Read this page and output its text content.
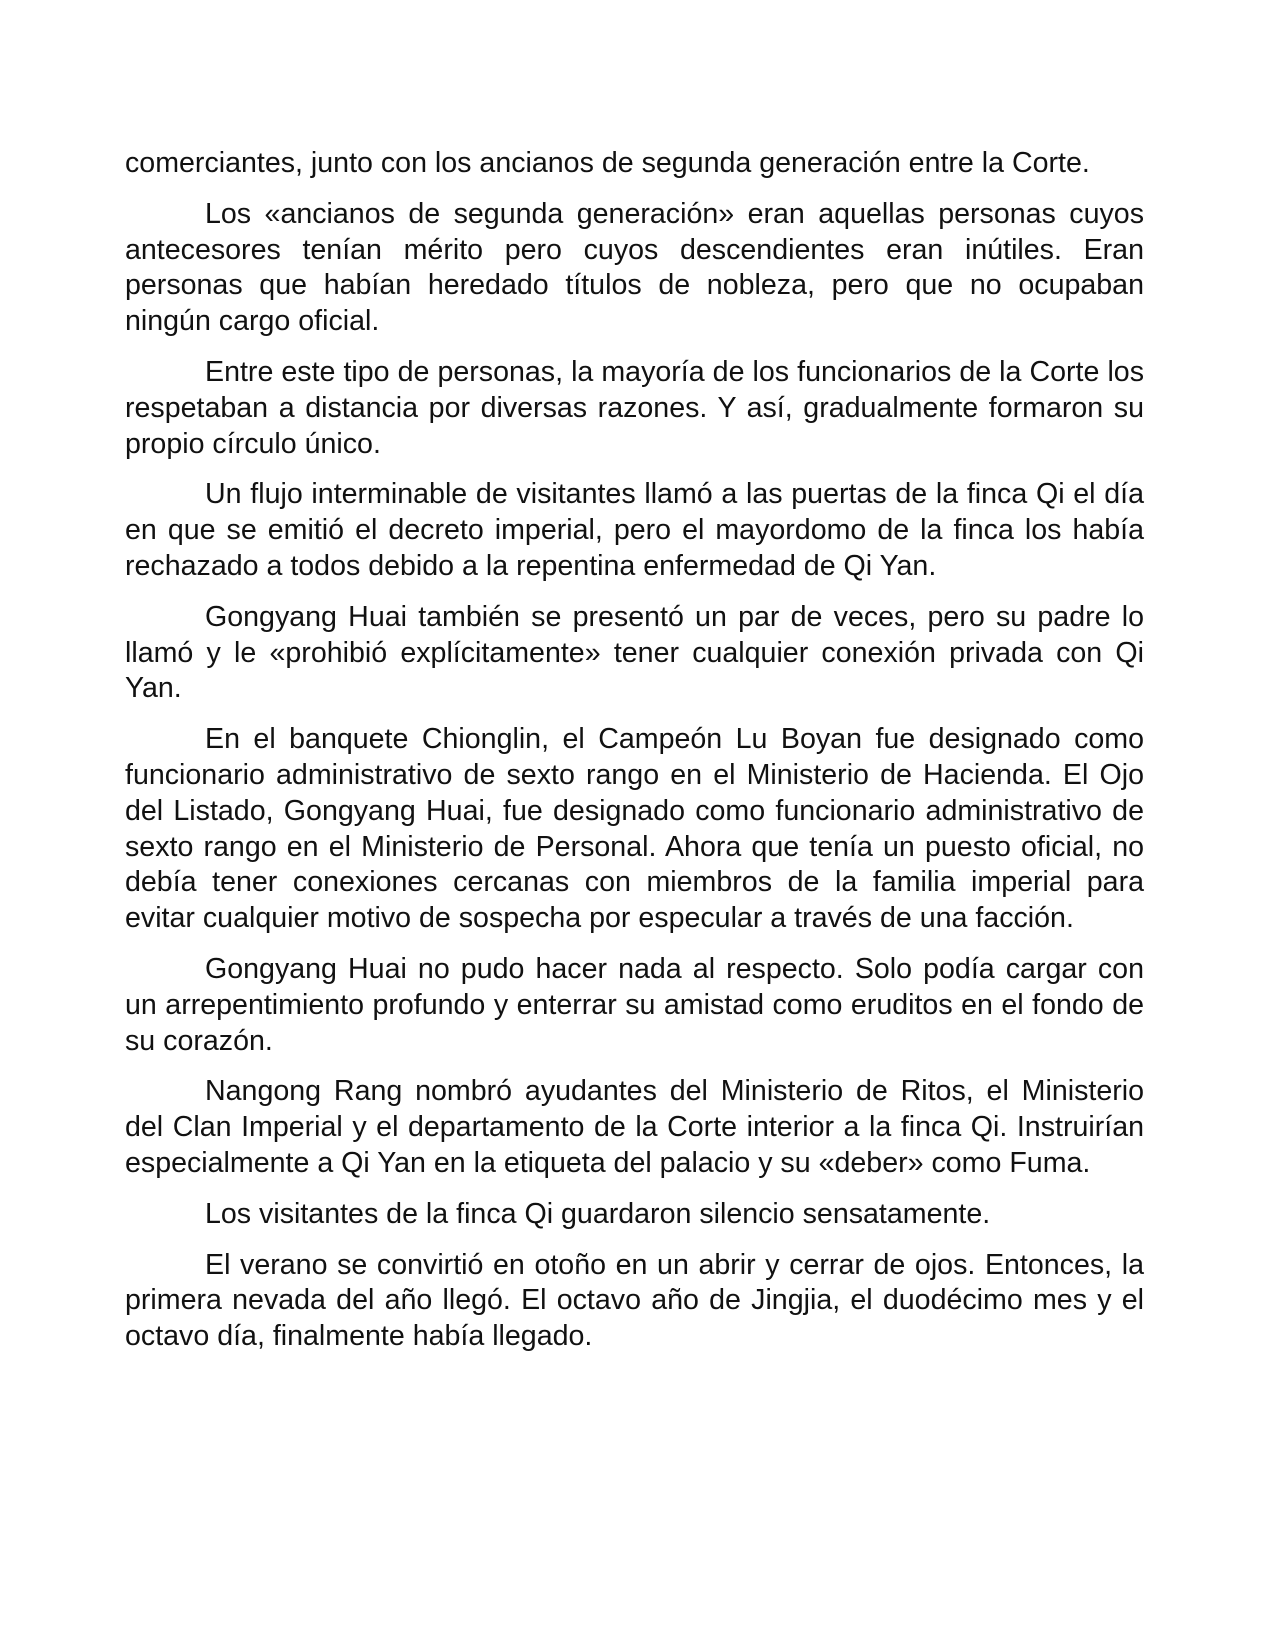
comerciantes, junto con los ancianos de segunda generación entre la Corte.

Los «ancianos de segunda generación» eran aquellas personas cuyos antecesores tenían mérito pero cuyos descendientes eran inútiles. Eran personas que habían heredado títulos de nobleza, pero que no ocupaban ningún cargo oficial.

Entre este tipo de personas, la mayoría de los funcionarios de la Corte los respetaban a distancia por diversas razones. Y así, gradualmente formaron su propio círculo único.

Un flujo interminable de visitantes llamó a las puertas de la finca Qi el día en que se emitió el decreto imperial, pero el mayordomo de la finca los había rechazado a todos debido a la repentina enfermedad de Qi Yan.

Gongyang Huai también se presentó un par de veces, pero su padre lo llamó y le «prohibió explícitamente» tener cualquier conexión privada con Qi Yan.

En el banquete Chionglin, el Campeón Lu Boyan fue designado como funcionario administrativo de sexto rango en el Ministerio de Hacienda. El Ojo del Listado, Gongyang Huai, fue designado como funcionario administrativo de sexto rango en el Ministerio de Personal. Ahora que tenía un puesto oficial, no debía tener conexiones cercanas con miembros de la familia imperial para evitar cualquier motivo de sospecha por especular a través de una facción.

Gongyang Huai no pudo hacer nada al respecto. Solo podía cargar con un arrepentimiento profundo y enterrar su amistad como eruditos en el fondo de su corazón.

Nangong Rang nombró ayudantes del Ministerio de Ritos, el Ministerio del Clan Imperial y el departamento de la Corte interior a la finca Qi. Instruirían especialmente a Qi Yan en la etiqueta del palacio y su «deber» como Fuma.

Los visitantes de la finca Qi guardaron silencio sensatamente.

El verano se convirtió en otoño en un abrir y cerrar de ojos. Entonces, la primera nevada del año llegó. El octavo año de Jingjia, el duodécimo mes y el octavo día, finalmente había llegado.
